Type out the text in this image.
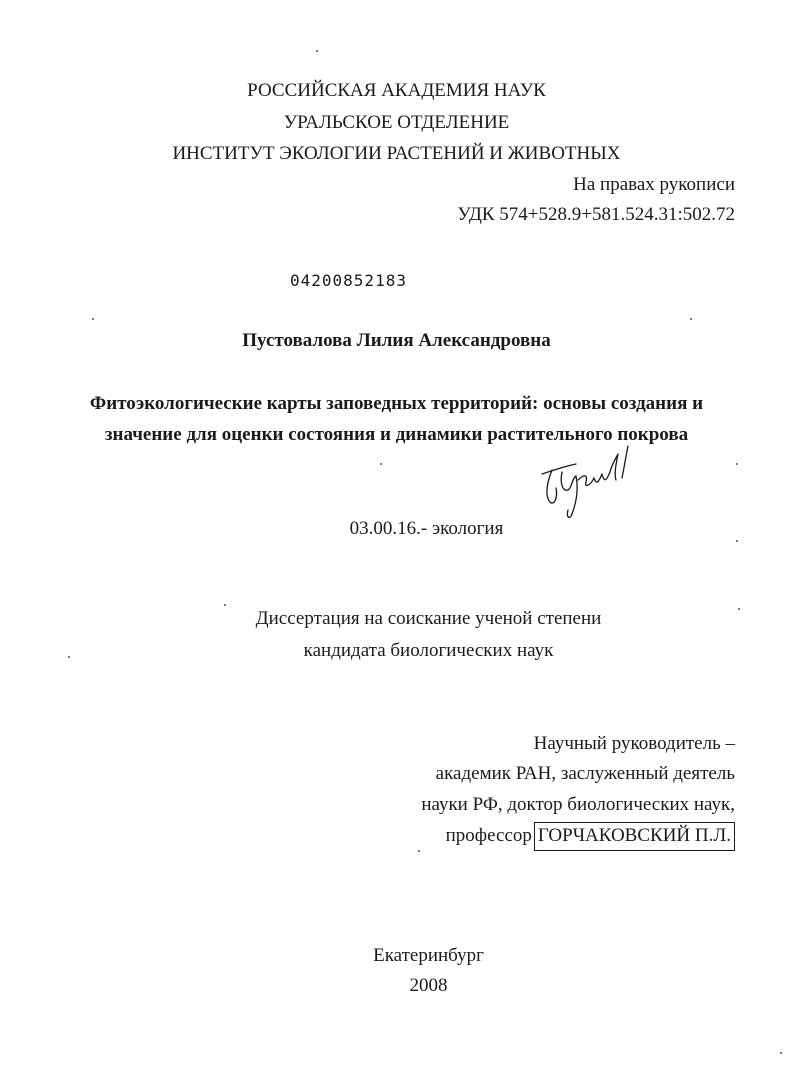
РОССИЙСКАЯ АКАДЕМИЯ НАУК
УРАЛЬСКОЕ ОТДЕЛЕНИЕ
ИНСТИТУТ ЭКОЛОГИИ РАСТЕНИЙ И ЖИВОТНЫХ
На правах рукописи
УДК 574+528.9+581.524.31:502.72
04200852183
Пустовалова Лилия Александровна
Фитоэкологические карты заповедных территорий: основы создания и
значение для оценки состояния и динамики растительного покрова
03.00.16.- экология
Диссертация на соискание ученой степени
кандидата биологических наук
Научный руководитель –
академик РАН, заслуженный деятель
науки РФ, доктор биологических наук,
профессор ГОРЧАКОВСКИЙ П.Л.
Екатеринбург
2008
